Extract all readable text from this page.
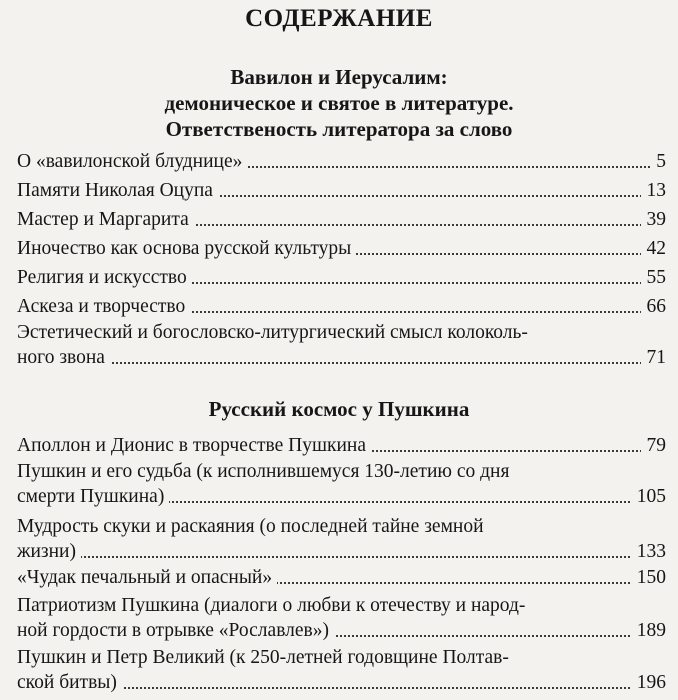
СОДЕРЖАНИЕ
Вавилон и Иерусалим:
демоническое и святое в литературе.
Ответственость литератора за слово
О «вавилонской блуднице»	5
Памяти Николая Оцупа	13
Мастер и Маргарита	39
Иночество как основа русской культуры	42
Религия и искусство	55
Аскеза и творчество	66
Эстетический и богословско-литургический смысл колоколь-
ного звона	71
Русский космос у Пушкина
Аполлон и Дионис в творчестве Пушкина	79
Пушкин и его судьба (к исполнившемуся 130-летию со дня
смерти Пушкина)	105
Мудрость скуки и раскаяния (о последней тайне земной
жизни)	133
«Чудак печальный и опасный»	150
Патриотизм Пушкина (диалоги о любви к отечеству и народ-
ной гордости в отрывке «Рославлев»)	189
Пушкин и Петр Великий (к 250-летней годовщине Полтав-
ской битвы)	196
